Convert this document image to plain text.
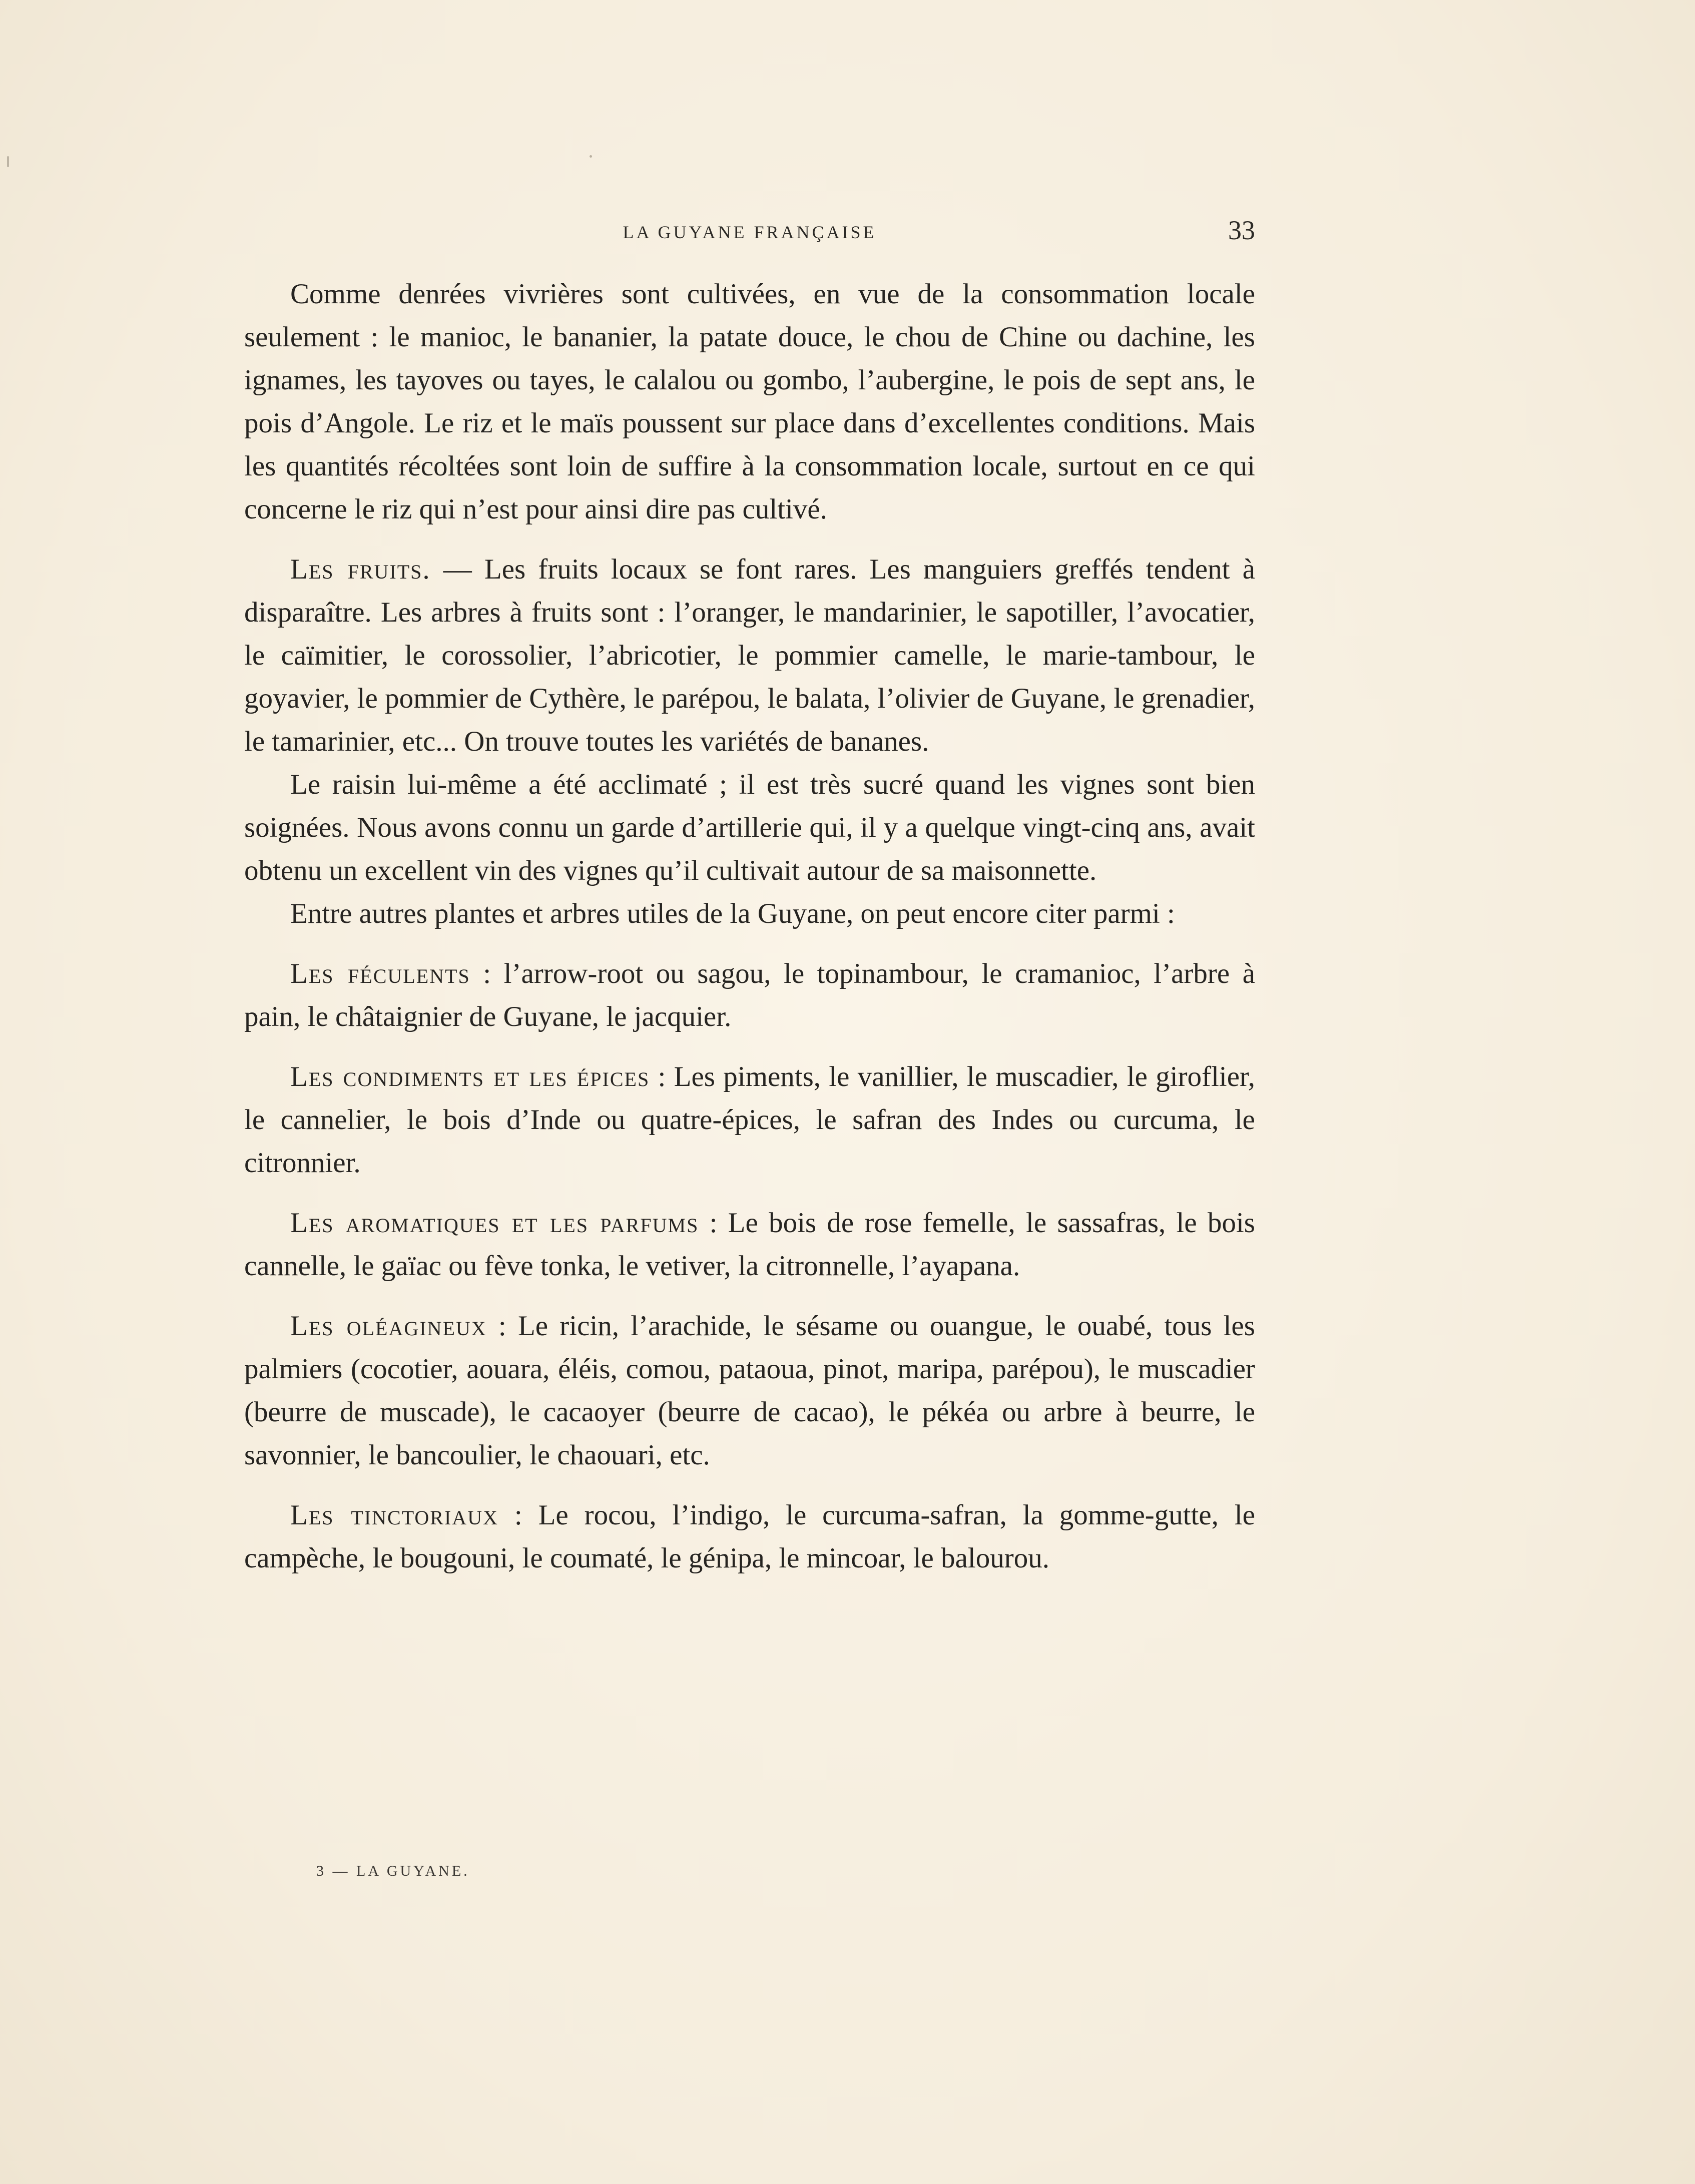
LA GUYANE FRANÇAISE	33

Comme denrées vivrières sont cultivées, en vue de la consommation locale seulement : le manioc, le bananier, la patate douce, le chou de Chine ou dachine, les ignames, les tayoves ou tayes, le calalou ou gombo, l’aubergine, le pois de sept ans, le pois d’Angole. Le riz et le maïs poussent sur place dans d’excellentes conditions. Mais les quantités récoltées sont loin de suffire à la consommation locale, surtout en ce qui concerne le riz qui n’est pour ainsi dire pas cultivé.

Les fruits. — Les fruits locaux se font rares. Les manguiers greffés tendent à disparaître. Les arbres à fruits sont : l’oranger, le mandarinier, le sapotiller, l’avocatier, le caïmitier, le corossolier, l’abricotier, le pommier camelle, le marie-tambour, le goyavier, le pommier de Cythère, le parépou, le balata, l’olivier de Guyane, le grenadier, le tamarinier, etc... On trouve toutes les variétés de bananes.

Le raisin lui-même a été acclimaté ; il est très sucré quand les vignes sont bien soignées. Nous avons connu un garde d’artillerie qui, il y a quelque vingt-cinq ans, avait obtenu un excellent vin des vignes qu’il cultivait autour de sa maisonnette.

Entre autres plantes et arbres utiles de la Guyane, on peut encore citer parmi :

Les féculents : l’arrow-root ou sagou, le topinambour, le cramanioc, l’arbre à pain, le châtaignier de Guyane, le jacquier.

Les condiments et les épices : Les piments, le vanillier, le muscadier, le giroflier, le cannelier, le bois d’Inde ou quatre-épices, le safran des Indes ou curcuma, le citronnier.

Les aromatiques et les parfums : Le bois de rose femelle, le sassafras, le bois cannelle, le gaïac ou fève tonka, le vetiver, la citronnelle, l’ayapana.

Les oléagineux : Le ricin, l’arachide, le sésame ou ouangue, le ouabé, tous les palmiers (cocotier, aouara, éléis, comou, pataoua, pinot, maripa, parépou), le muscadier (beurre de muscade), le cacaoyer (beurre de cacao), le pékéa ou arbre à beurre, le savonnier, le bancoulier, le chaouari, etc.

Les tinctoriaux : Le rocou, l’indigo, le curcuma-safran, la gomme-gutte, le campèche, le bougouni, le coumaté, le génipa, le mincoar, le balourou.

3 — LA GUYANE.
